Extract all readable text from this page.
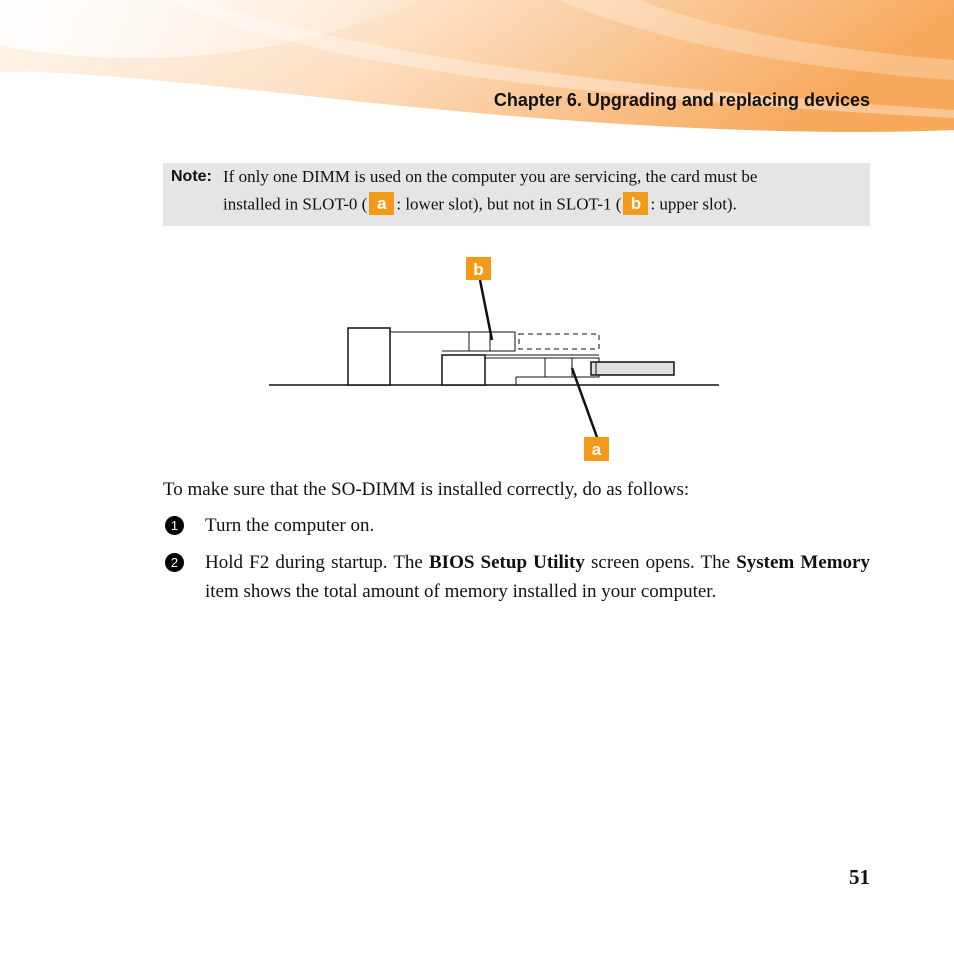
Chapter 6. Upgrading and replacing devices
Note: If only one DIMM is used on the computer you are servicing, the card must be
installed in SLOT-0 ( a : lower slot), but not in SLOT-1 ( b : upper slot).
b
a
To make sure that the SO-DIMM is installed correctly, do as follows:
1	Turn the computer on.
2	Hold F2 during startup. The BIOS Setup Utility screen opens. The System Memory item shows the total amount of memory installed in your computer.
51
